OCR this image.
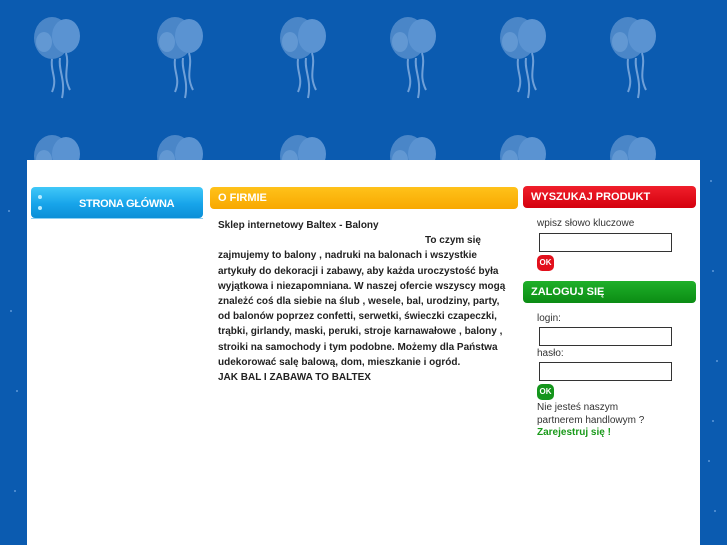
STRONA GŁÓWNA	O FIRMIE
Sklep internetowy Baltex - Balony

To czym się zajmujemy to balony , nadruki na balonach i wszystkie artykuły do dekoracji i zabawy, aby każda uroczystość była wyjątkowa i niezapomniana. W naszej ofercie wszyscy mogą znależć coś dla siebie na ślub , wesele, bal, urodziny, party, od balonów poprzez confetti, serwetki, świeczki czapeczki, trąbki, girlandy, maski, peruki, stroje karnawałowe , balony , stroiki na samochody i tym podobne. Możemy dla Państwa udekorować salę balową, dom, mieszkanie i ogród.

JAK BAL I ZABAWA TO BALTEX

WYSZUKAJ PRODUKT
wpisz słowo kluczowe
OK
ZALOGUJ SIĘ
login:
hasło:
OK
Nie jesteś naszym partnerem handlowym ?
Zarejestruj się !
